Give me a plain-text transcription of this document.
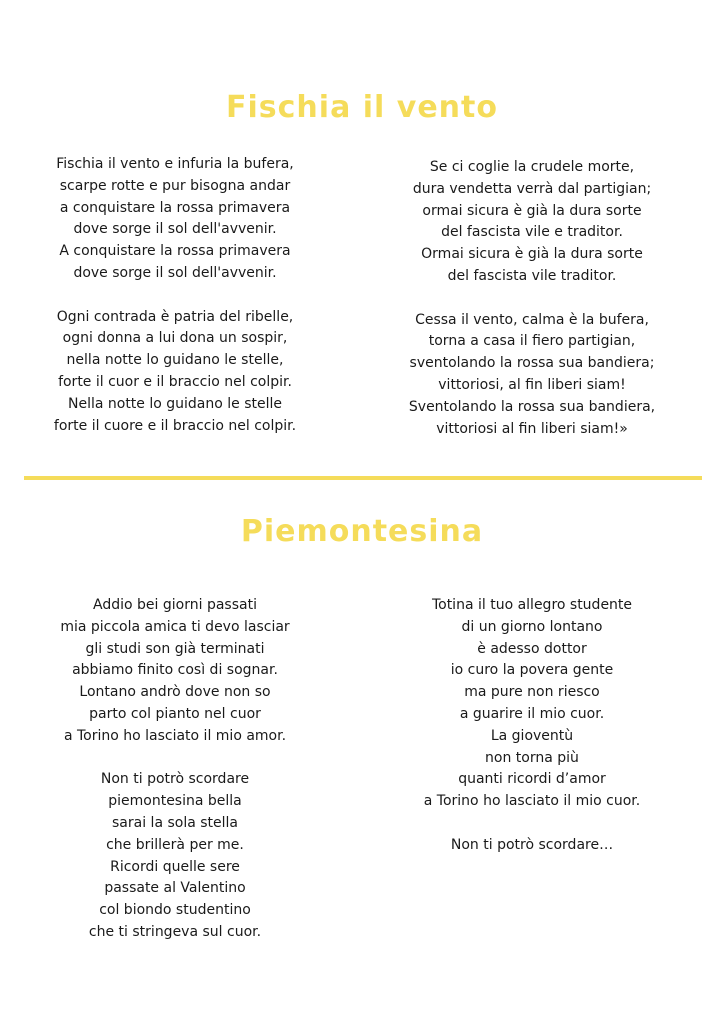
Fischia il vento

Fischia il vento e infuria la bufera,
scarpe rotte e pur bisogna andar
a conquistare la rossa primavera
dove sorge il sol dell'avvenir.
A conquistare la rossa primavera
dove sorge il sol dell'avvenir.

Ogni contrada è patria del ribelle,
ogni donna a lui dona un sospir,
nella notte lo guidano le stelle,
forte il cuor e il braccio nel colpir.
Nella notte lo guidano le stelle
forte il cuore e il braccio nel colpir.

Se ci coglie la crudele morte,
dura vendetta verrà dal partigian;
ormai sicura è già la dura sorte
del fascista vile e traditor.
Ormai sicura è già la dura sorte
del fascista vile traditor.

Cessa il vento, calma è la bufera,
torna a casa il fiero partigian,
sventolando la rossa sua bandiera;
vittoriosi, al fin liberi siam!
Sventolando la rossa sua bandiera,
vittoriosi al fin liberi siam!»

Piemontesina

Addio bei giorni passati
mia piccola amica ti devo lasciar
gli studi son già terminati
abbiamo finito così di sognar.
Lontano andrò dove non so
parto col pianto nel cuor
a Torino ho lasciato il mio amor.

Non ti potrò scordare
piemontesina bella
sarai la sola stella
che brillerà per me.
Ricordi quelle sere
passate al Valentino
col biondo studentino
che ti stringeva sul cuor.

Totina il tuo allegro studente
di un giorno lontano
è adesso dottor
io curo la povera gente
ma pure non riesco
a guarire il mio cuor.
La gioventù
non torna più
quanti ricordi d’amor
a Torino ho lasciato il mio cuor.

Non ti potrò scordare…
